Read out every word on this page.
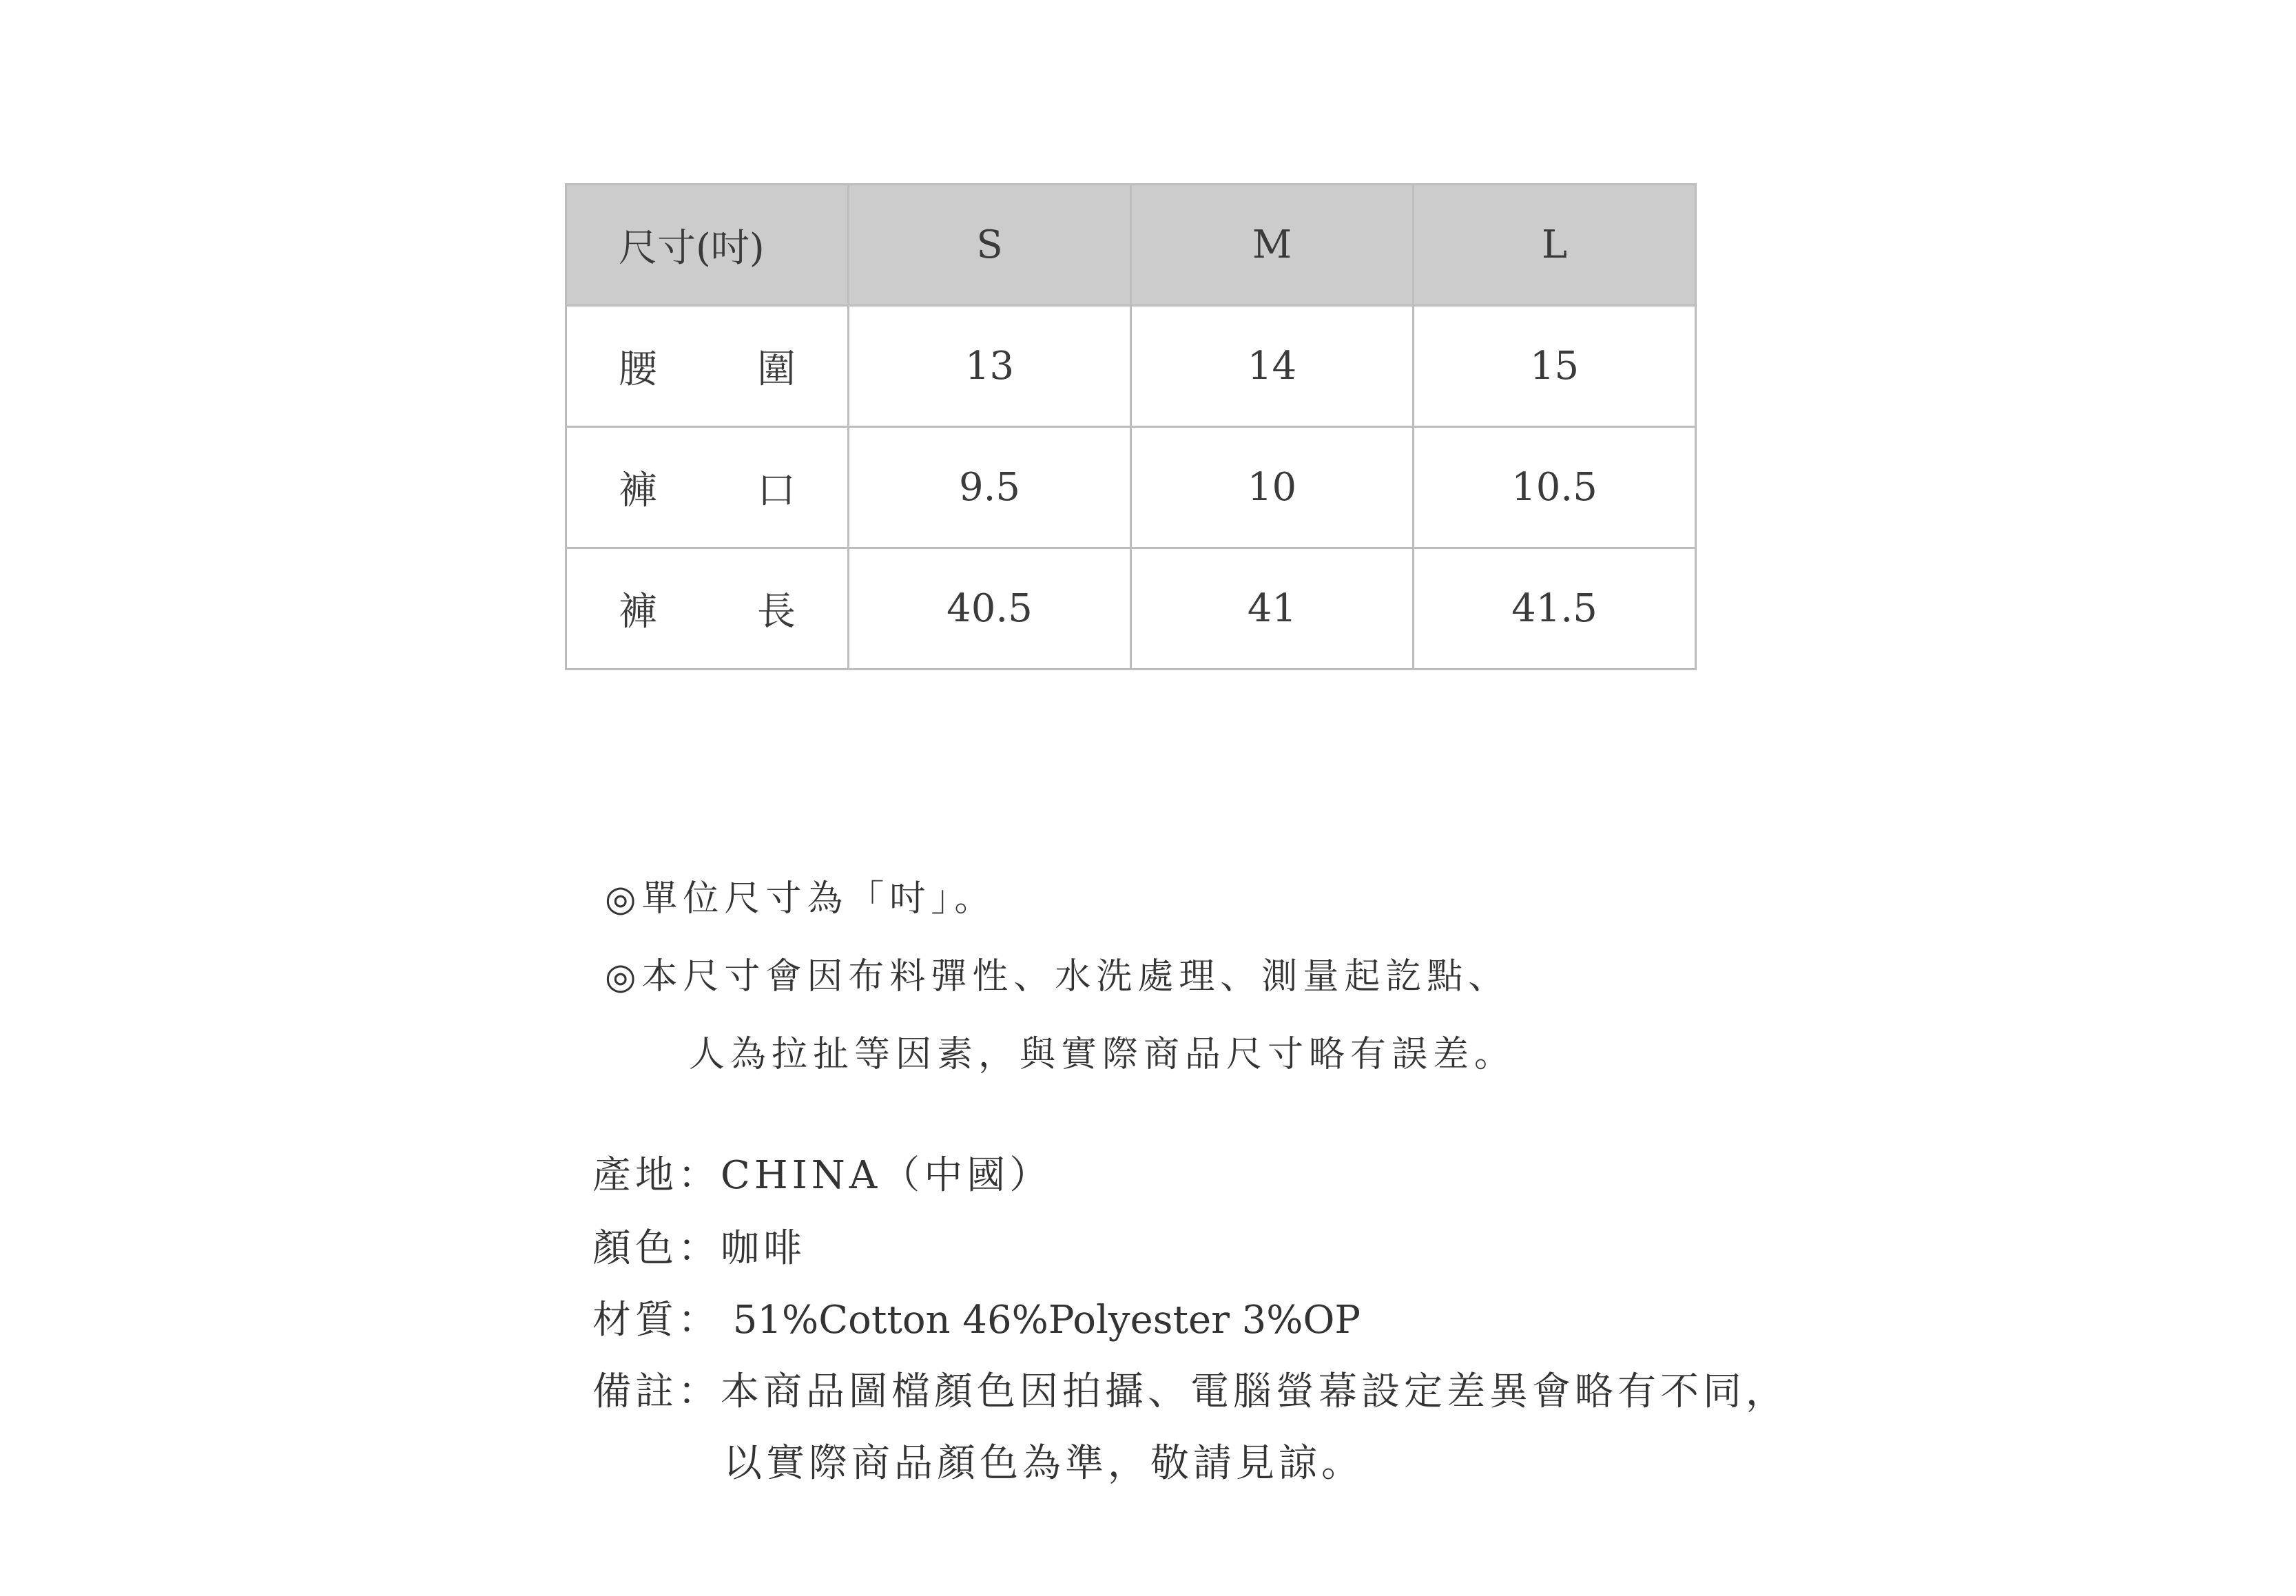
尺寸(吋)	S	M	L

腰 圍	13	14	15

褲 口	9.5	10	10.5

褲 長	40.5	41	41.5
◎單位尺寸為「吋」。
◎本尺寸會因布料彈性、水洗處理、測量起訖點、
人為拉扯等因素，與實際商品尺寸略有誤差。
產地：CHINA（中國）
顏色：咖啡
材質： 51%Cotton 46%Polyester 3%OP
備註：本商品圖檔顏色因拍攝、電腦螢幕設定差異會略有不同，
以實際商品顏色為準，敬請見諒。
